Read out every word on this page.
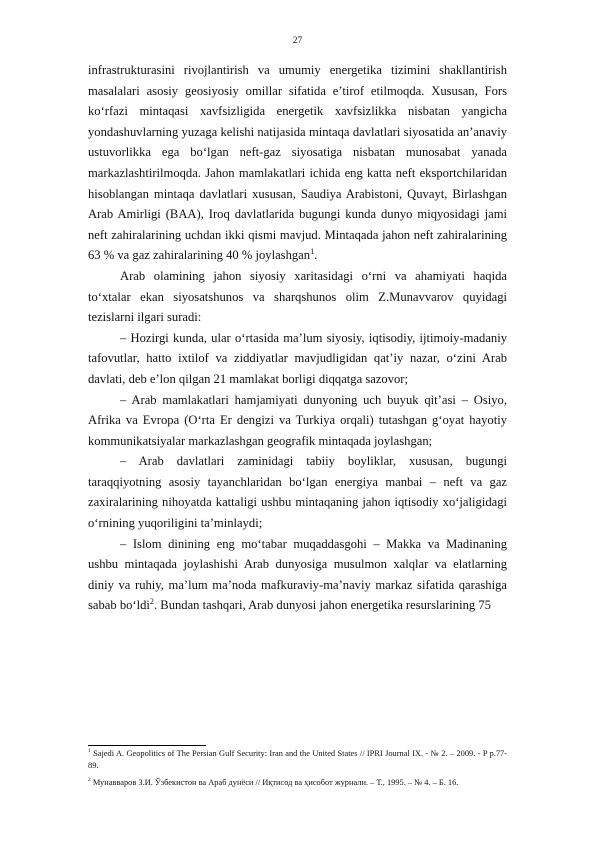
27

infrastrukturasini rivojlantirish va umumiy energetika tizimini shakllantirish masalalari asosiy geosiyosiy omillar sifatida e’tirof etilmoqda. Xususan, Fors ko‘rfazi mintaqasi xavfsizligida energetik xavfsizlikka nisbatan yangicha yondashuvlarning yuzaga kelishi natijasida mintaqa davlatlari siyosatida an’anaviy ustuvorlikka ega bo‘lgan neft-gaz siyosatiga nisbatan munosabat yanada markazlashtirilmoqda. Jahon mamlakatlari ichida eng katta neft eksportchilaridan hisoblangan mintaqa davlatlari xususan, Saudiya Arabistoni, Quvayt, Birlashgan Arab Amirligi (BAA), Iroq davlatlarida bugungi kunda dunyo miqyosidagi jami neft zahiralarining uchdan ikki qismi mavjud. Mintaqada jahon neft zahiralarining 63 % va gaz zahiralarining 40 % joylashgan$^1$.

Arab olamining jahon siyosiy xaritasidagi o‘rni va ahamiyati haqida to‘xtalar ekan siyosatshunos va sharqshunos olim Z.Munavvarov quyidagi tezislarni ilgari suradi:

– Hozirgi kunda, ular o‘rtasida ma’lum siyosiy, iqtisodiy, ijtimoiy-madaniy tafovutlar, hatto ixtilof va ziddiyatlar mavjudligidan qat’iy nazar, o‘zini Arab davlati, deb e’lon qilgan 21 mamlakat borligi diqqatga sazovor;

– Arab mamlakatlari hamjamiyati dunyoning uch buyuk qit’asi – Osiyo, Afrika va Evropa (O‘rta Er dengizi va Turkiya orqali) tutashgan g‘oyat hayotiy kommunikatsiyalar markazlashgan geografik mintaqada joylashgan;

– Arab davlatlari zaminidagi tabiiy boyliklar, xususan, bugungi taraqqiyotning asosiy tayanchlaridan bo‘lgan energiya manbai – neft va gaz zaxiralarining nihoyatda kattaligi ushbu mintaqaning jahon iqtisodiy xo‘jaligidagi o‘rnining yuqoriligini ta’minlaydi;

– Islom dinining eng mo‘tabar muqaddasgohi – Makka va Madinaning ushbu mintaqada joylashishi Arab dunyosiga musulmon xalqlar va elatlarning diniy va ruhiy, ma’lum ma’noda mafkuraviy-ma’naviy markaz sifatida qarashiga sabab bo‘ldi$^2$. Bundan tashqari, Arab dunyosi jahon energetika resurslarining 75

$^1$ Sajedi A. Geopolitics of The Persian Gulf Security: Iran and the United States // IPRI Journal IX. - № 2. – 2009. - P p.77-89.

$^2$ Мунавваров З.И. Ўзбекистон ва Араб дунёси // Иқтисод ва ҳисобот журнали. – Т., 1995. – № 4. – Б. 16.
